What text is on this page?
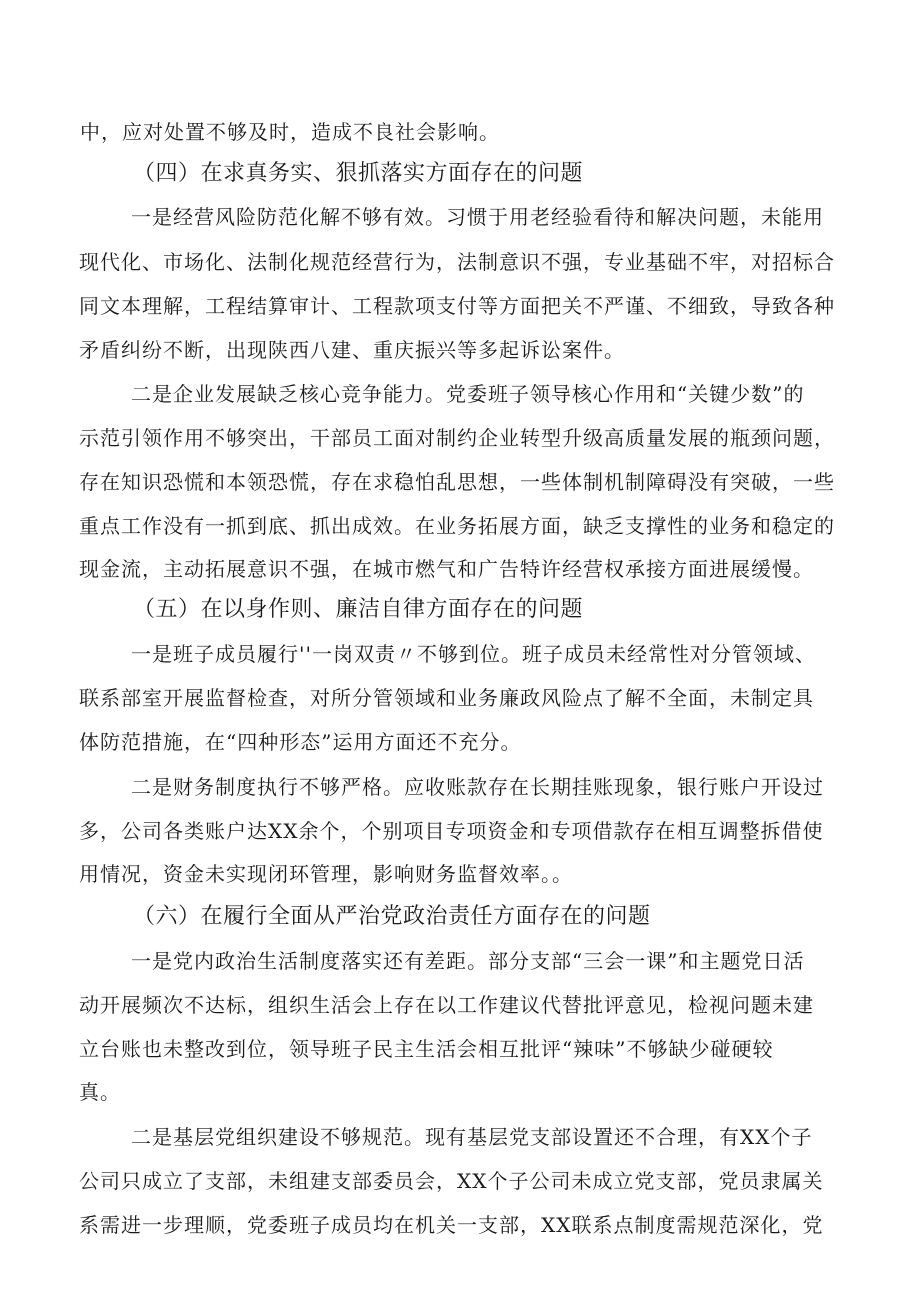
中，应对处置不够及时，造成不良社会影响。
（四）在求真务实、狠抓落实方面存在的问题
一是经营风险防范化解不够有效。习惯于用老经验看待和解决问题，未能用
现代化、市场化、法制化规范经营行为，法制意识不强，专业基础不牢，对招标合
同文本理解，工程结算审计、工程款项支付等方面把关不严谨、不细致，导致各种
矛盾纠纷不断，出现陕西八建、重庆振兴等多起诉讼案件。
二是企业发展缺乏核心竞争能力。党委班子领导核心作用和“关键少数”的
示范引领作用不够突出，干部员工面对制约企业转型升级高质量发展的瓶颈问题，
存在知识恐慌和本领恐慌，存在求稳怕乱思想，一些体制机制障碍没有突破，一些
重点工作没有一抓到底、抓出成效。在业务拓展方面，缺乏支撑性的业务和稳定的
现金流，主动拓展意识不强，在城市燃气和广告特许经营权承接方面进展缓慢。
（五）在以身作则、廉洁自律方面存在的问题
一是班子成员履行''一岗双责〃不够到位。班子成员未经常性对分管领域、
联系部室开展监督检查，对所分管领域和业务廉政风险点了解不全面，未制定具
体防范措施，在“四种形态”运用方面还不充分。
二是财务制度执行不够严格。应收账款存在长期挂账现象，银行账户开设过
多，公司各类账户达XX余个，个别项目专项资金和专项借款存在相互调整拆借使
用情况，资金未实现闭环管理，影响财务监督效率。。
（六）在履行全面从严治党政治责任方面存在的问题
一是党内政治生活制度落实还有差距。部分支部“三会一课”和主题党日活
动开展频次不达标，组织生活会上存在以工作建议代替批评意见，检视问题未建
立台账也未整改到位，领导班子民主生活会相互批评“辣味”不够缺少碰硬较
真。
二是基层党组织建设不够规范。现有基层党支部设置还不合理，有XX个子
公司只成立了支部，未组建支部委员会，XX个子公司未成立党支部，党员隶属关
系需进一步理顺，党委班子成员均在机关一支部，XX联系点制度需规范深化，党
